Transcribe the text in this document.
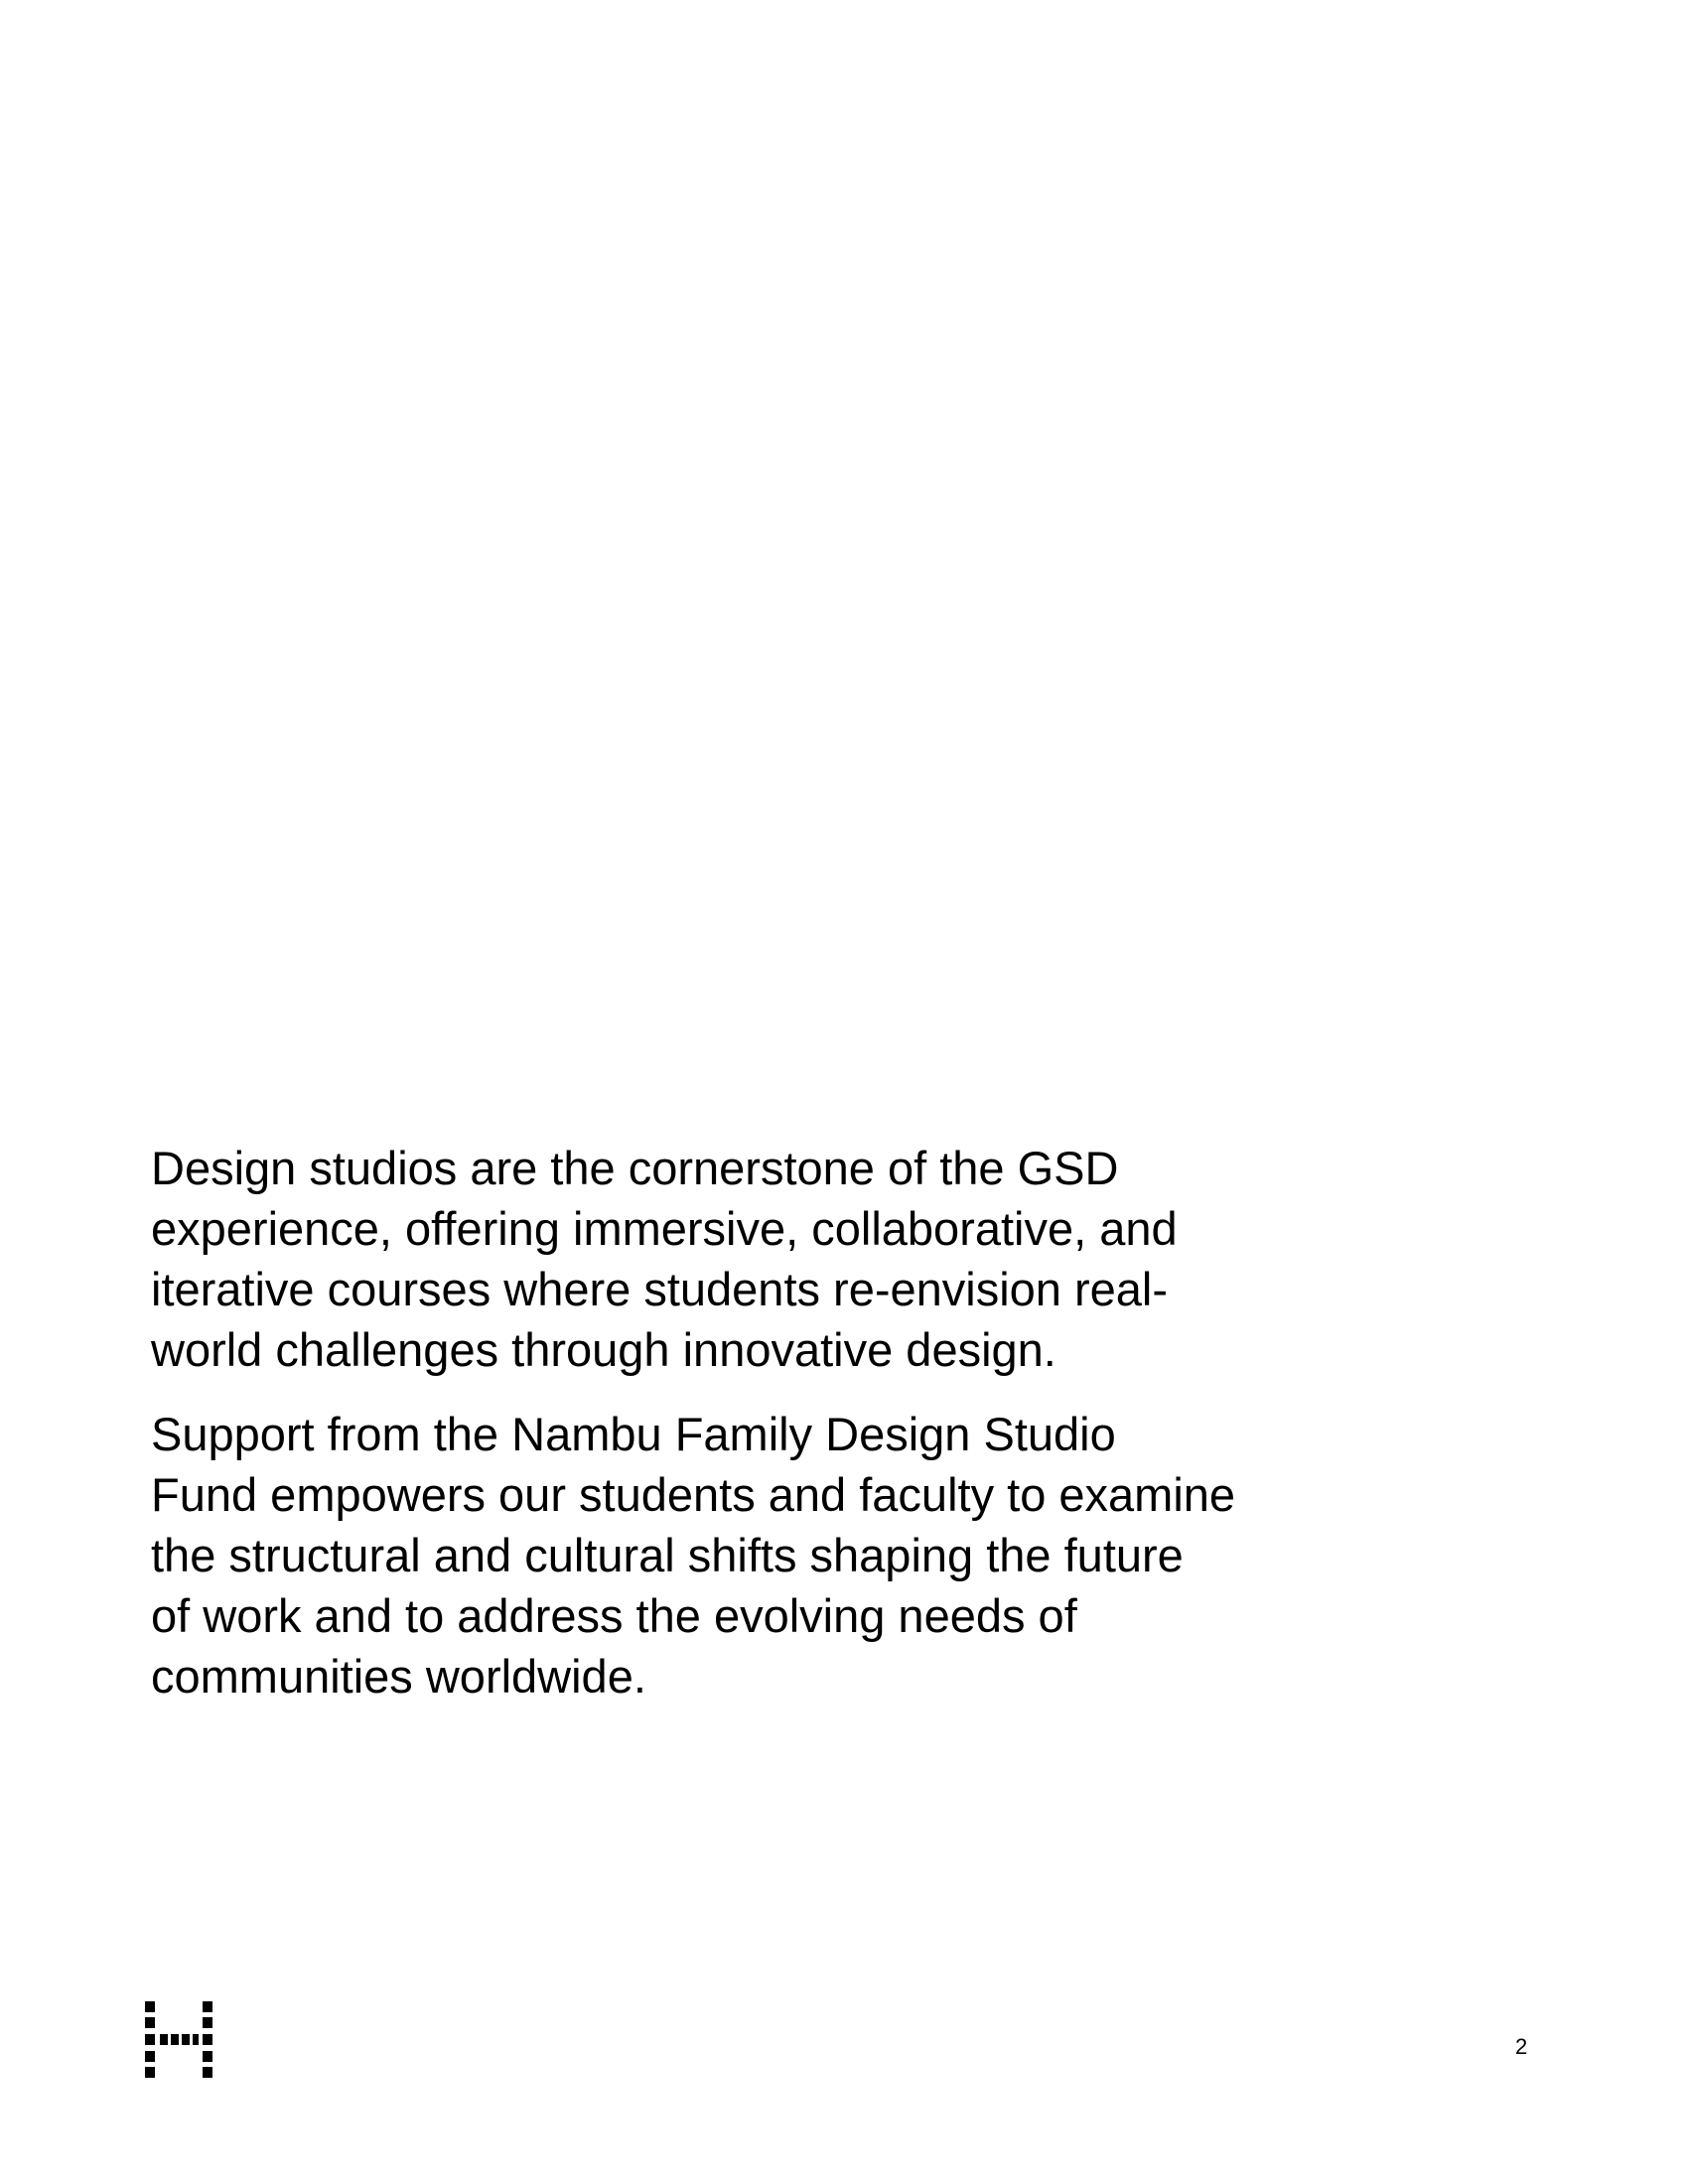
Design studios are the cornerstone of the GSD
experience, offering immersive, collaborative, and
iterative courses where students re-envision real-
world challenges through innovative design.

Support from the Nambu Family Design Studio
Fund empowers our students and faculty to examine
the structural and cultural shifts shaping the future
of work and to address the evolving needs of
communities worldwide.

2
